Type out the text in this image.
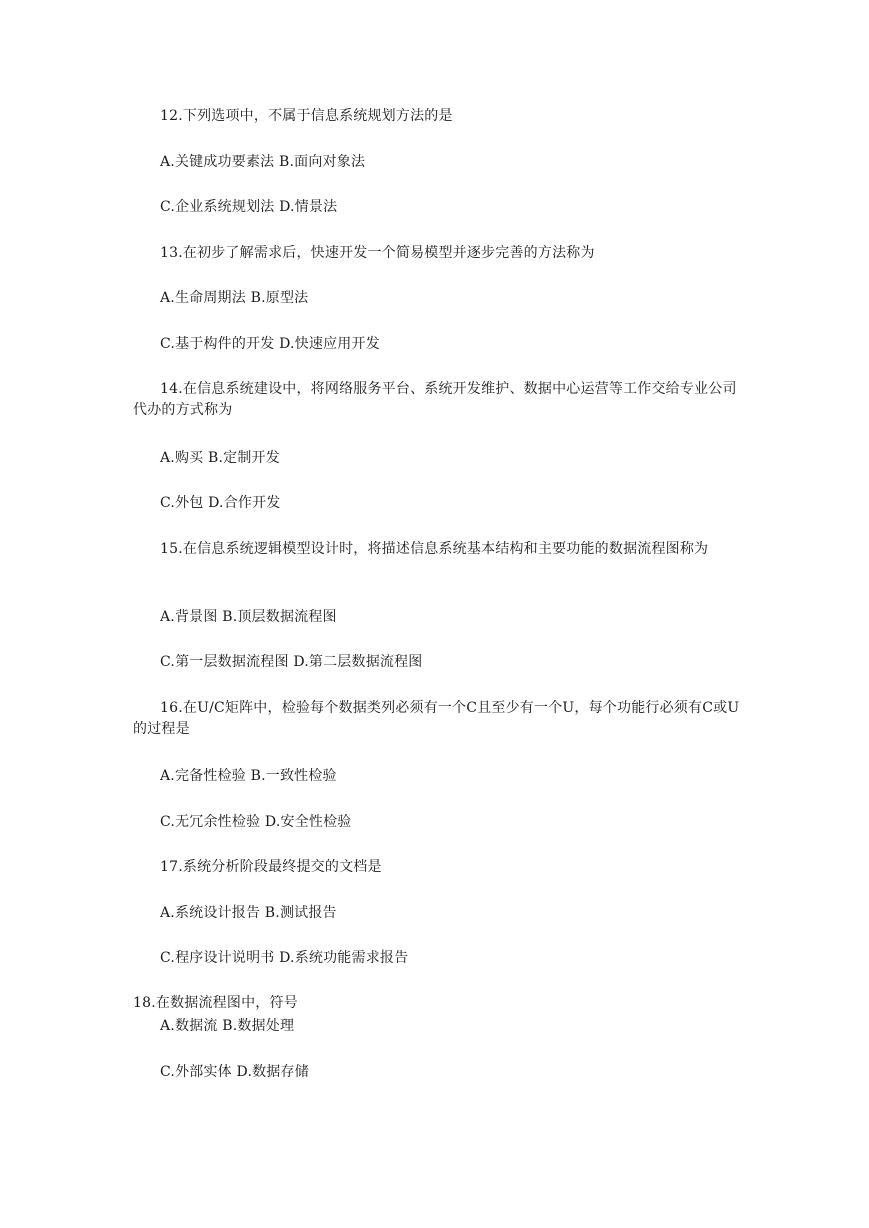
12.下列选项中，不属于信息系统规划方法的是
A.关键成功要素法 B.面向对象法
C.企业系统规划法 D.情景法
13.在初步了解需求后，快速开发一个简易模型并逐步完善的方法称为
A.生命周期法 B.原型法
C.基于构件的开发 D.快速应用开发
14.在信息系统建设中，将网络服务平台、系统开发维护、数据中心运营等工作交给专业公司代办的方式称为
A.购买 B.定制开发
C.外包 D.合作开发
15.在信息系统逻辑模型设计时，将描述信息系统基本结构和主要功能的数据流程图称为
A.背景图 B.顶层数据流程图
C.第一层数据流程图 D.第二层数据流程图
16.在U/C矩阵中，检验每个数据类列必须有一个C且至少有一个U，每个功能行必须有C或U的过程是
A.完备性检验 B.一致性检验
C.无冗余性检验 D.安全性检验
17.系统分析阶段最终提交的文档是
A.系统设计报告 B.测试报告
C.程序设计说明书 D.系统功能需求报告
18.在数据流程图中，符号
A.数据流 B.数据处理
C.外部实体 D.数据存储
